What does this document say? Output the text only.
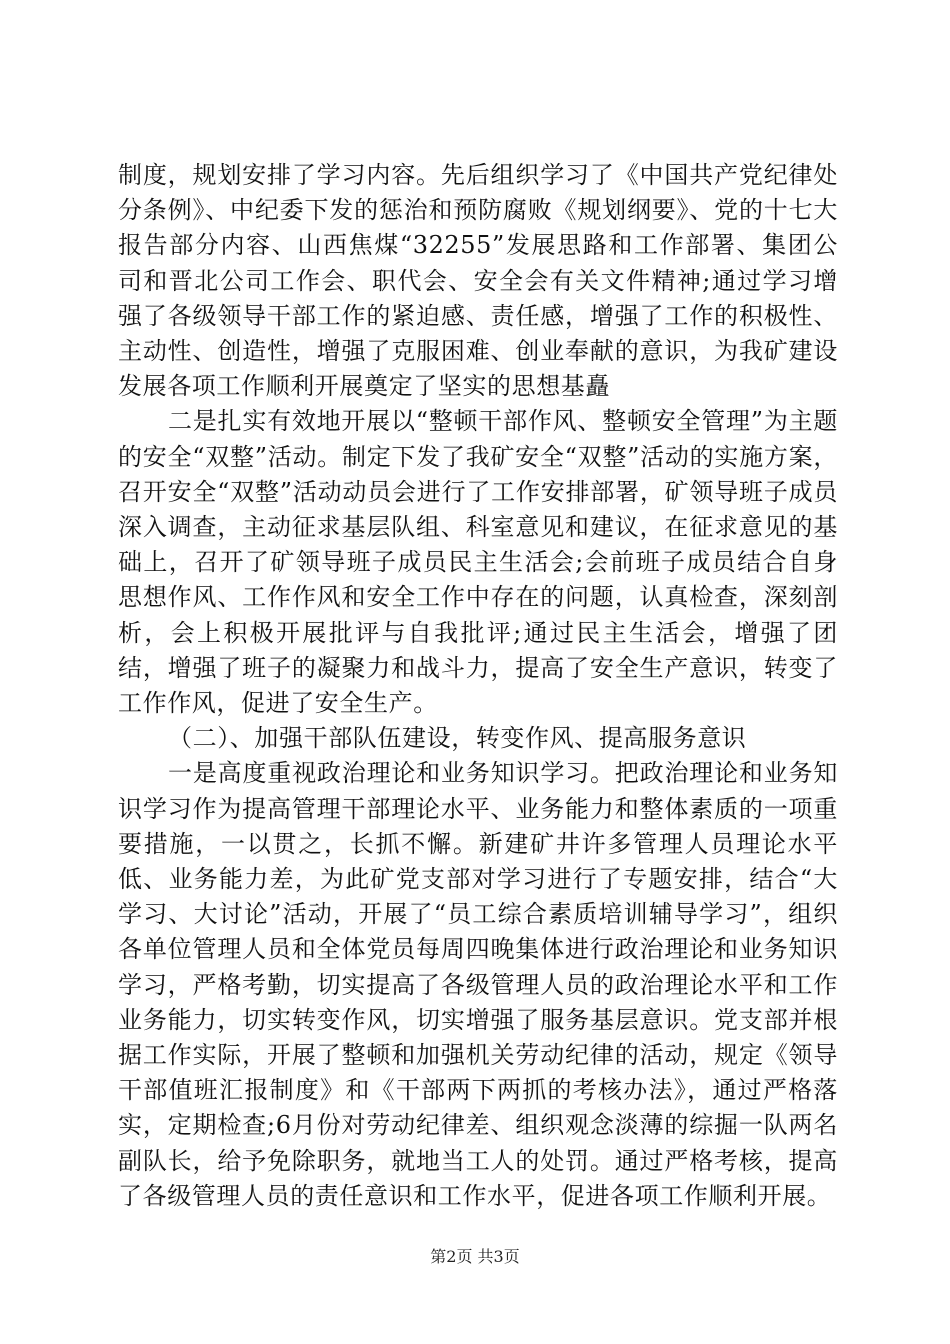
制度，规划安排了学习内容。先后组织学习了《中国共产党纪律处分条例》、中纪委下发的惩治和预防腐败《规划纲要》、党的十七大报告部分内容、山西焦煤“32255”发展思路和工作部署、集团公司和晋北公司工作会、职代会、安全会有关文件精神;通过学习增强了各级领导干部工作的紧迫感、责任感，增强了工作的积极性、主动性、创造性，增强了克服困难、创业奉献的意识，为我矿建设发展各项工作顺利开展奠定了坚实的思想基矗

二是扎实有效地开展以“整顿干部作风、整顿安全管理”为主题的安全“双整”活动。制定下发了我矿安全“双整”活动的实施方案，召开安全“双整”活动动员会进行了工作安排部署，矿领导班子成员深入调查，主动征求基层队组、科室意见和建议，在征求意见的基础上，召开了矿领导班子成员民主生活会;会前班子成员结合自身思想作风、工作作风和安全工作中存在的问题，认真检查，深刻剖析，会上积极开展批评与自我批评;通过民主生活会，增强了团结，增强了班子的凝聚力和战斗力，提高了安全生产意识，转变了工作作风，促进了安全生产。

（二）、加强干部队伍建设，转变作风、提高服务意识

一是高度重视政治理论和业务知识学习。把政治理论和业务知识学习作为提高管理干部理论水平、业务能力和整体素质的一项重要措施，一以贯之，长抓不懈。新建矿井许多管理人员理论水平低、业务能力差，为此矿党支部对学习进行了专题安排，结合“大学习、大讨论”活动，开展了“员工综合素质培训辅导学习”，组织各单位管理人员和全体党员每周四晚集体进行政治理论和业务知识学习，严格考勤，切实提高了各级管理人员的政治理论水平和工作业务能力，切实转变作风，切实增强了服务基层意识。党支部并根据工作实际，开展了整顿和加强机关劳动纪律的活动，规定《领导干部值班汇报制度》和《干部两下两抓的考核办法》，通过严格落实，定期检查;6月份对劳动纪律差、组织观念淡薄的综掘一队两名副队长，给予免除职务，就地当工人的处罚。通过严格考核，提高了各级管理人员的责任意识和工作水平，促进各项工作顺利开展。

第2页 共3页
